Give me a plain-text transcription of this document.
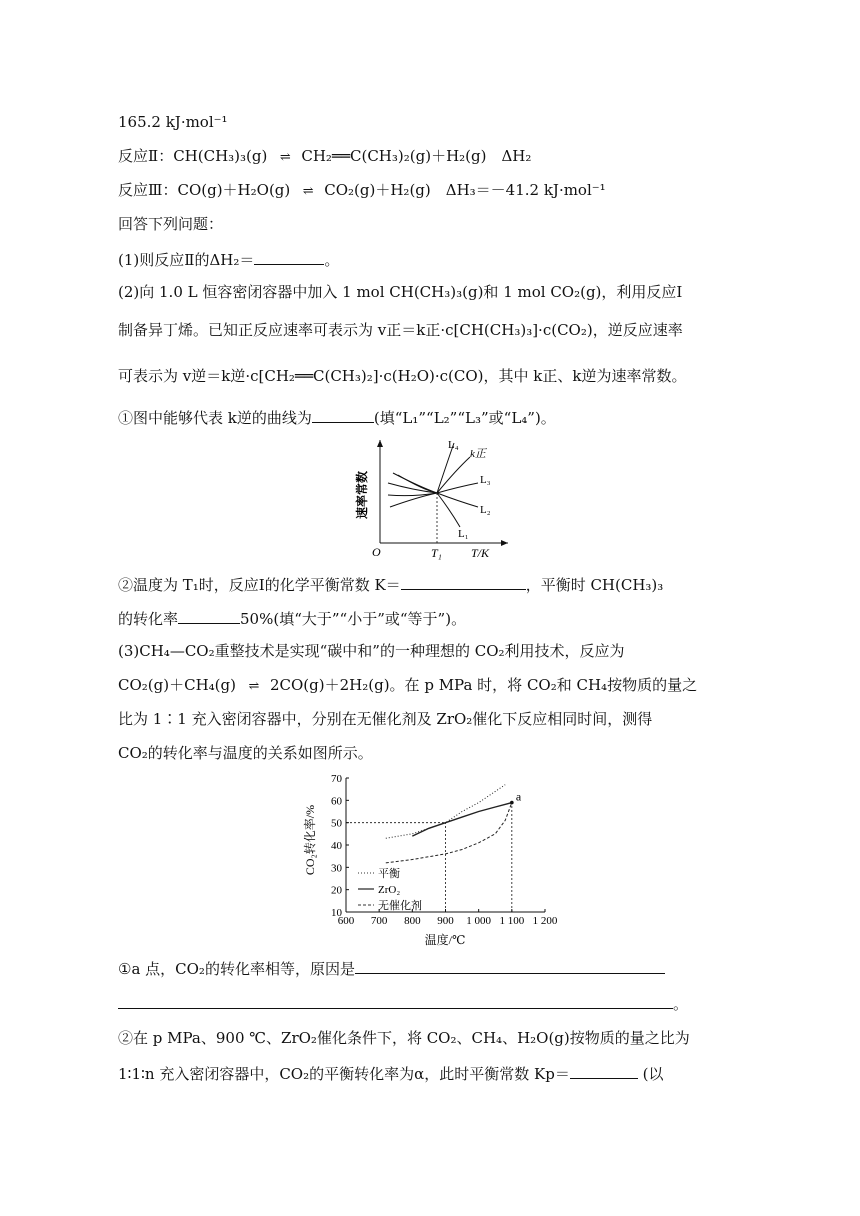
165.2 kJ·mol⁻¹
反应Ⅱ：CH(CH₃)₃(g) ⇌ CH₂══C(CH₃)₂(g)＋H₂(g)　ΔH₂
反应Ⅲ：CO(g)＋H₂O(g) ⇌ CO₂(g)＋H₂(g)　ΔH₃＝－41.2 kJ·mol⁻¹
回答下列问题：
(1)则反应Ⅱ的ΔH₂＝	。
(2)向 1.0 L 恒容密闭容器中加入 1 mol CH(CH₃)₃(g)和 1 mol CO₂(g)，利用反应Ⅰ
制备异丁烯。已知正反应速率可表示为 v正＝k正·c[CH(CH₃)₃]·c(CO₂)，逆反应速率
可表示为 v逆＝k逆·c[CH₂══C(CH₃)₂]·c(H₂O)·c(CO)，其中 k正、k逆为速率常数。
①图中能够代表 k逆的曲线为	(填“L₁”“L₂”“L₃”或“L₄”)。
②温度为 T₁时，反应Ⅰ的化学平衡常数 K＝	，平衡时 CH(CH₃)₃
的转化率	50%(填“大于”“小于”或“等于”)。
(3)CH₄—CO₂重整技术是实现“碳中和”的一种理想的 CO₂利用技术，反应为
CO₂(g)＋CH₄(g) ⇌ 2CO(g)＋2H₂(g)。在 p MPa 时，将 CO₂和 CH₄按物质的量之
比为 1∶1 充入密闭容器中，分别在无催化剂及 ZrO₂催化下反应相同时间，测得
CO₂的转化率与温度的关系如图所示。
①a 点，CO₂的转化率相等，原因是
。
②在 p MPa、900 ℃、ZrO₂催化条件下，将 CO₂、CH₄、H₂O(g)按物质的量之比为
1∶1∶n 充入密闭容器中，CO₂的平衡转化率为α，此时平衡常数 Kp＝	(以
速率常数
O	T₁ T/K
L₄
k正
L₃
L₂
L₁
600 700 800 900 1 000 1 100 1 200
10
20
30
40
50
60
70
CO₂转化率/%
温度/℃
a
平衡
ZrO₂
无催化剂
